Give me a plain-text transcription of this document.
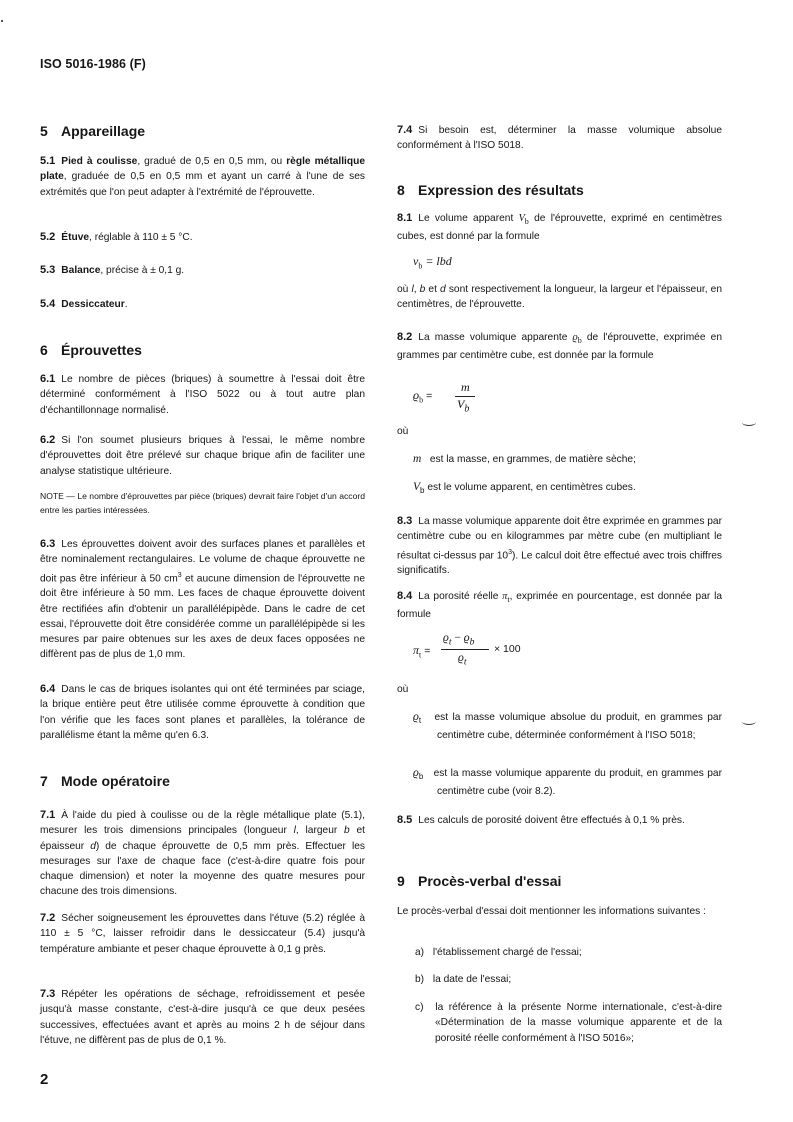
ISO 5016-1986 (F)
5 Appareillage
5.1 Pied à coulisse, gradué de 0,5 en 0,5 mm, ou règle métallique plate, graduée de 0,5 en 0,5 mm et ayant un carré à l'une de ses extrémités que l'on peut adapter à l'extrémité de l'éprouvette.
5.2 Étuve, réglable à 110 ± 5 °C.
5.3 Balance, précise à ± 0,1 g.
5.4 Dessiccateur.
6 Éprouvettes
6.1 Le nombre de pièces (briques) à soumettre à l'essai doit être déterminé conformément à l'ISO 5022 ou à tout autre plan d'échantillonnage normalisé.
6.2 Si l'on soumet plusieurs briques à l'essai, le même nombre d'éprouvettes doit être prélevé sur chaque brique afin de faciliter une analyse statistique ultérieure.
NOTE — Le nombre d'éprouvettes par pièce (briques) devrait faire l'objet d'un accord entre les parties intéressées.
6.3 Les éprouvettes doivent avoir des surfaces planes et parallèles et être nominalement rectangulaires. Le volume de chaque éprouvette ne doit pas être inférieur à 50 $cm^3$ et aucune dimension de l'éprouvette ne doit être inférieure à 50 mm. Les faces de chaque éprouvette doivent être rectifiées afin d'obtenir un parallélépipède. Dans le cadre de cet essai, l'éprouvette doit être considérée comme un parallélépipède si les mesures par paire obtenues sur les axes de deux faces opposées ne diffèrent pas de plus de 1,0 mm.
6.4 Dans le cas de briques isolantes qui ont été terminées par sciage, la brique entière peut être utilisée comme éprouvette à condition que l'on vérifie que les faces sont planes et parallèles, la tolérance de parallélisme étant la même qu'en 6.3.
7 Mode opératoire
7.1 À l'aide du pied à coulisse ou de la règle métallique plate (5.1), mesurer les trois dimensions principales (longueur l, largeur b et épaisseur d) de chaque éprouvette de 0,5 mm près. Effectuer les mesurages sur l'axe de chaque face (c'est-à-dire quatre fois pour chaque dimension) et noter la moyenne des quatre mesures pour chacune des trois dimensions.
7.2 Sécher soigneusement les éprouvettes dans l'étuve (5.2) réglée à 110 ± 5 °C, laisser refroidir dans le dessiccateur (5.4) jusqu'à température ambiante et peser chaque éprouvette à 0,1 g près.
7.3 Répéter les opérations de séchage, refroidissement et pesée jusqu'à masse constante, c'est-à-dire jusqu'à ce que deux pesées successives, effectuées avant et après au moins 2 h de séjour dans l'étuve, ne diffèrent pas de plus de 0,1 %.
7.4 Si besoin est, déterminer la masse volumique absolue conformément à l'ISO 5018.
8 Expression des résultats
8.1 Le volume apparent $V_b$ de l'éprouvette, exprimé en centimètres cubes, est donné par la formule
$v_b$ = lbd
où l, b et d sont respectivement la longueur, la largeur et l'épaisseur, en centimètres, de l'éprouvette.
8.2 La masse volumique apparente $ϱ_b$ de l'éprouvette, exprimée en grammes par centimètre cube, est donnée par la formule
$ϱ_b$ =
m
$V_b$
où
m est la masse, en grammes, de matière sèche;
$V_b$ est le volume apparent, en centimètres cubes.
8.3 La masse volumique apparente doit être exprimée en grammes par centimètre cube ou en kilogrammes par mètre cube (en multipliant le résultat ci-dessus par $10^3$). Le calcul doit être effectué avec trois chiffres significatifs.
8.4 La porosité réelle $\pi_t$, exprimée en pourcentage, est donnée par la formule
$\pi_t$ =
$ϱ_t - ϱ_b$
$ϱ_t$
× 100
où
$ϱ_t$ est la masse volumique absolue du produit, en grammes par centimètre cube, déterminée conformément à l'ISO 5018;
$ϱ_b$ est la masse volumique apparente du produit, en grammes par centimètre cube (voir 8.2).
8.5 Les calculs de porosité doivent être effectués à 0,1 % près.
9 Procès-verbal d'essai
Le procès-verbal d'essai doit mentionner les informations suivantes :
a) l'établissement chargé de l'essai;
b) la date de l'essai;
c) la référence à la présente Norme internationale, c'est-à-dire «Détermination de la masse volumique apparente et de la porosité réelle conformément à l'ISO 5016»;
2
